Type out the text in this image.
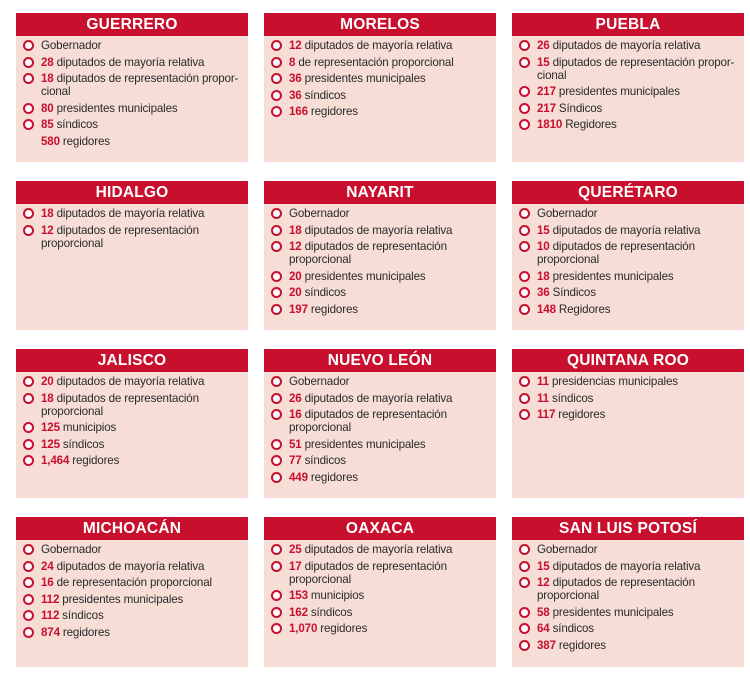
GUERRERO
Gobernador
28 diputados de mayoría relativa
18 diputados de representación propor-cional
80 presidentes municipales
85 síndicos
580 regidores
MORELOS
12 diputados de mayoría relativa
8 de representación proporcional
36 presidentes municipales
36 síndicos
166 regidores
PUEBLA
26 diputados de mayoría relativa
15 diputados de representación propor-cional
217 presidentes municipales
217 Síndicos
1810 Regidores
HIDALGO
18 diputados de mayoría relativa
12 diputados de representación proporcional
NAYARIT
Gobernador
18 diputados de mayoría relativa
12 diputados de representación proporcional
20 presidentes municipales
20 síndicos
197 regidores
QUERÉTARO
Gobernador
15 diputados de mayoría relativa
10 diputados de representación proporcional
18 presidentes municipales
36 Síndicos
148 Regidores
JALISCO
20 diputados de mayoría relativa
18 diputados de representación proporcional
125 municipios
125 síndicos
1,464 regidores
NUEVO LEÓN
Gobernador
26 diputados de mayoría relativa
16 diputados de representación proporcional
51 presidentes municipales
77 síndicos
449 regidores
QUINTANA ROO
11 presidencias municipales
11 síndicos
117 regidores
MICHOACÁN
Gobernador
24 diputados de mayoría relativa
16 de representación proporcional
112 presidentes municipales
112 síndicos
874 regidores
OAXACA
25 diputados de mayoría relativa
17 diputados de representación proporcional
153 municipios
162 síndicos
1,070 regidores
SAN LUIS POTOSÍ
Gobernador
15 diputados de mayoría relativa
12 diputados de representación proporcional
58 presidentes municipales
64 síndicos
387 regidores
